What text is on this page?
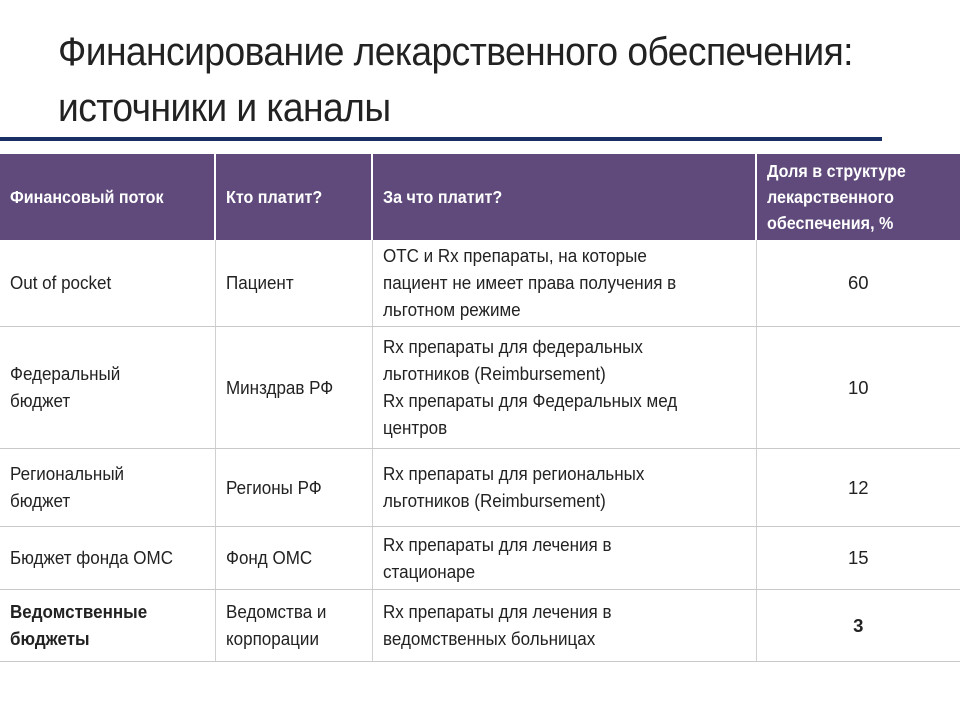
Финансирование лекарственного обеспечения:
источники и каналы
Финансовый поток	Кто платит?	За что платит?	Доля в структуре
лекарственного
обеспечения, %

Out of pocket	Пациент	ОТС и Rx препараты, на которые
пациент не имеет права получения в
льготном режиме	60

Федеральный
бюджет	Минздрав РФ	Rx препараты для федеральных
льготников (Reimbursement)
Rx препараты для Федеральных мед
центров	10

Региональный
бюджет	Регионы РФ	Rx препараты для региональных
льготников (Reimbursement)	12

Бюджет фонда ОМС	Фонд ОМС	Rx препараты для лечения в
стационаре	15

Ведомственные
бюджеты	Ведомства и
корпорации	Rx препараты для лечения в
ведомственных больницах	3
